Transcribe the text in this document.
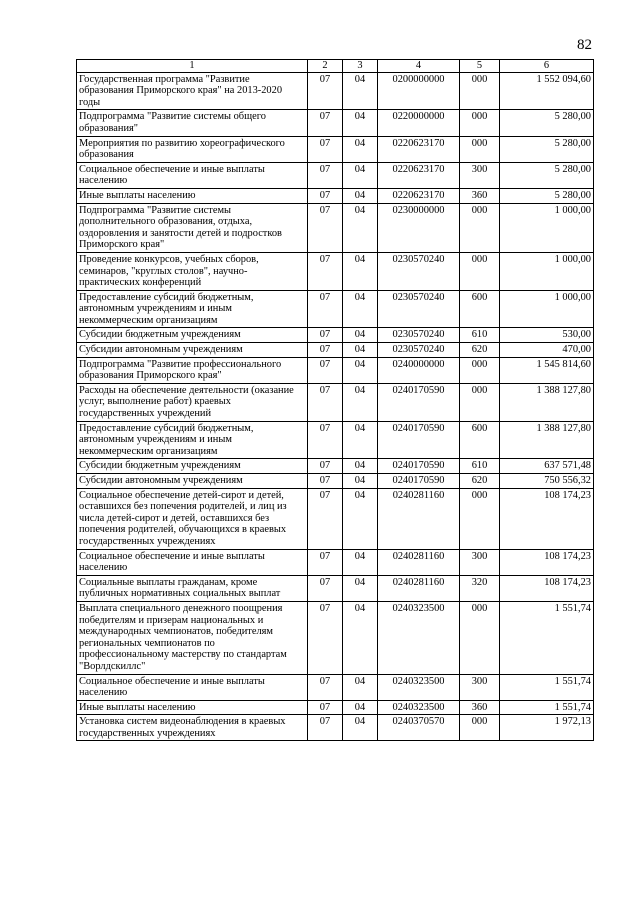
82
1	2	3	4	5	6
Государственная программа "Развитие образования Приморского края" на 2013-2020 годы	07	04	0200000000	000	1 552 094,60
Подпрограмма "Развитие системы общего образования"	07	04	0220000000	000	5 280,00
Мероприятия по развитию хореографического образования	07	04	0220623170	000	5 280,00
Социальное обеспечение и иные выплаты населению	07	04	0220623170	300	5 280,00
Иные выплаты населению	07	04	0220623170	360	5 280,00
Подпрограмма "Развитие системы дополнительного образования, отдыха, оздоровления и занятости детей и подростков Приморского края"	07	04	0230000000	000	1 000,00
Проведение конкурсов, учебных сборов, семинаров, "круглых столов", научно-практических конференций	07	04	0230570240	000	1 000,00
Предоставление субсидий бюджетным, автономным учреждениям и иным некоммерческим организациям	07	04	0230570240	600	1 000,00
Субсидии бюджетным учреждениям	07	04	0230570240	610	530,00
Субсидии автономным учреждениям	07	04	0230570240	620	470,00
Подпрограмма "Развитие профессионального образования Приморского края"	07	04	0240000000	000	1 545 814,60
Расходы на обеспечение деятельности (оказание услуг, выполнение работ) краевых государственных учреждений	07	04	0240170590	000	1 388 127,80
Предоставление субсидий бюджетным, автономным учреждениям и иным некоммерческим организациям	07	04	0240170590	600	1 388 127,80
Субсидии бюджетным учреждениям	07	04	0240170590	610	637 571,48
Субсидии автономным учреждениям	07	04	0240170590	620	750 556,32
Социальное обеспечение детей-сирот и детей, оставшихся без попечения родителей, и лиц из числа детей-сирот и детей, оставшихся без попечения родителей, обучающихся в краевых государственных учреждениях	07	04	0240281160	000	108 174,23
Социальное обеспечение и иные выплаты населению	07	04	0240281160	300	108 174,23
Социальные выплаты гражданам, кроме публичных нормативных социальных выплат	07	04	0240281160	320	108 174,23
Выплата специального денежного поощрения победителям и призерам национальных и международных чемпионатов, победителям региональных чемпионатов по профессиональному мастерству по стандартам "Ворлдскиллс"	07	04	0240323500	000	1 551,74
Социальное обеспечение и иные выплаты населению	07	04	0240323500	300	1 551,74
Иные выплаты населению	07	04	0240323500	360	1 551,74
Установка систем видеонаблюдения в краевых государственных учреждениях	07	04	0240370570	000	1 972,13
